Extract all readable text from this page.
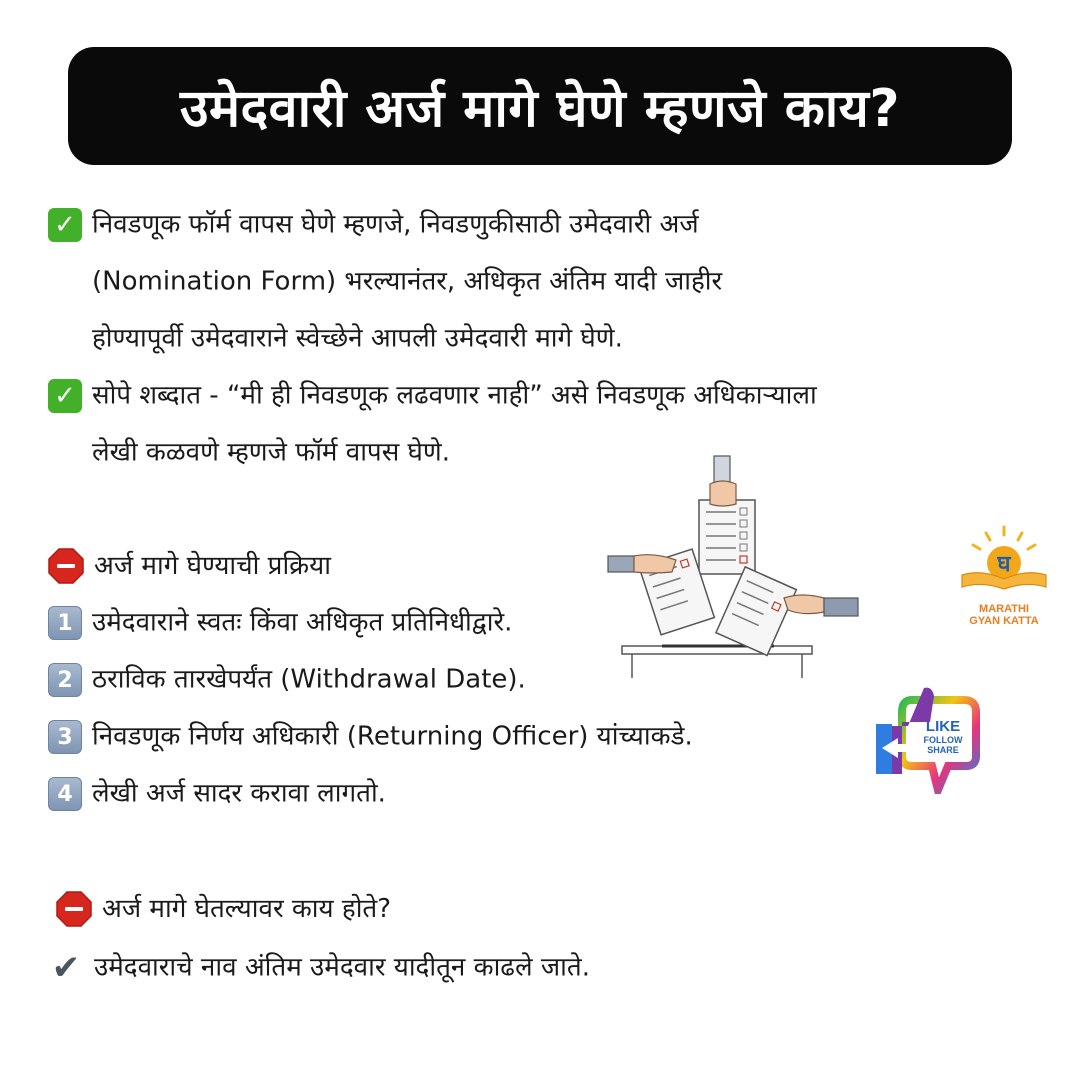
उमेदवारी अर्ज मागे घेणे म्हणजे काय?
✓ निवडणूक फॉर्म वापस घेणे म्हणजे, निवडणुकीसाठी उमेदवारी अर्ज
(Nomination Form) भरल्यानंतर, अधिकृत अंतिम यादी जाहीर
होण्यापूर्वी उमेदवाराने स्वेच्छेने आपली उमेदवारी मागे घेणे.
✓ सोपे शब्दात - “मी ही निवडणूक लढवणार नाही” असे निवडणूक अधिकाऱ्याला
लेखी कळवणे म्हणजे फॉर्म वापस घेणे.
अर्ज मागे घेण्याची प्रक्रिया
1 उमेदवाराने स्वतः किंवा अधिकृत प्रतिनिधीद्वारे.
2 ठराविक तारखेपर्यंत (Withdrawal Date).
3 निवडणूक निर्णय अधिकारी (Returning Officer) यांच्याकडे.
4 लेखी अर्ज सादर करावा लागतो.
अर्ज मागे घेतल्यावर काय होते?
✔ उमेदवाराचे नाव अंतिम उमेदवार यादीतून काढले जाते.
घ
MARATHI
GYAN KATTA
LIKE
FOLLOW
SHARE
